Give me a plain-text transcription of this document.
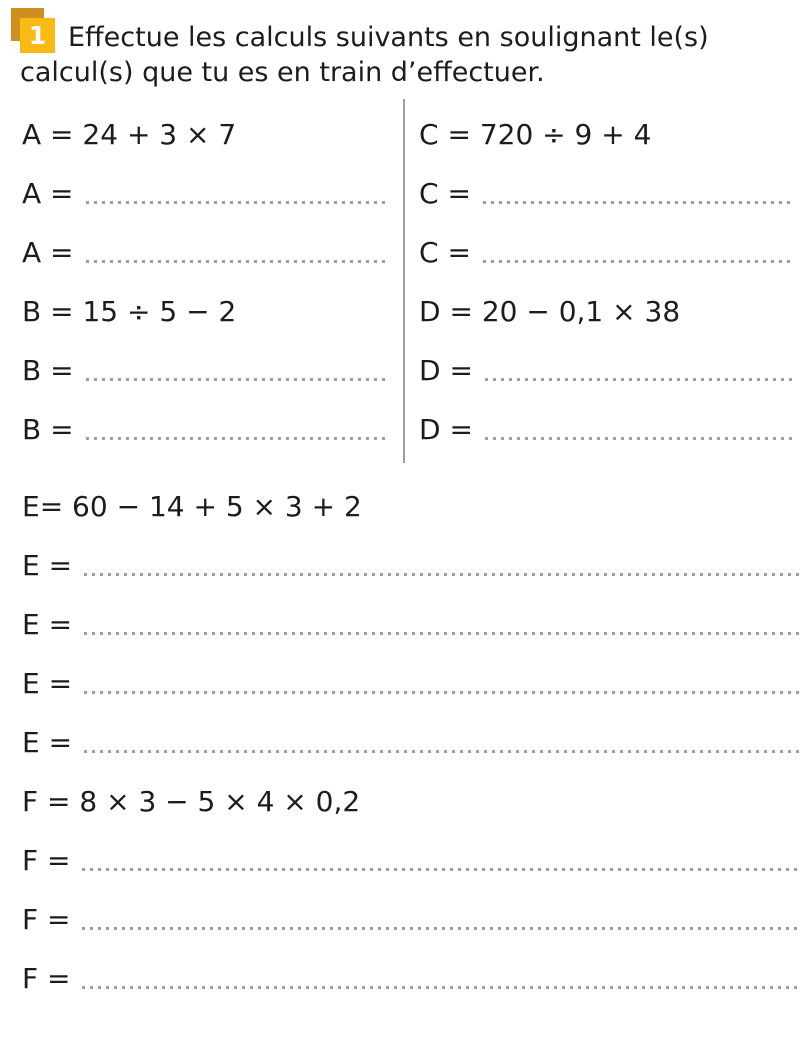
1 Effectue les calculs suivants en soulignant le(s) calcul(s) que tu es en train d’effectuer.
A = 24 + 3 × 7
A =
A =
B = 15 ÷ 5 − 2
B =
B =
C = 720 ÷ 9 + 4
C =
C =
D = 20 − 0,1 × 38
D =
D =
E= 60 − 14 + 5 × 3 + 2
E =
E =
E =
E =
F = 8 × 3 − 5 × 4 × 0,2
F =
F =
F =
